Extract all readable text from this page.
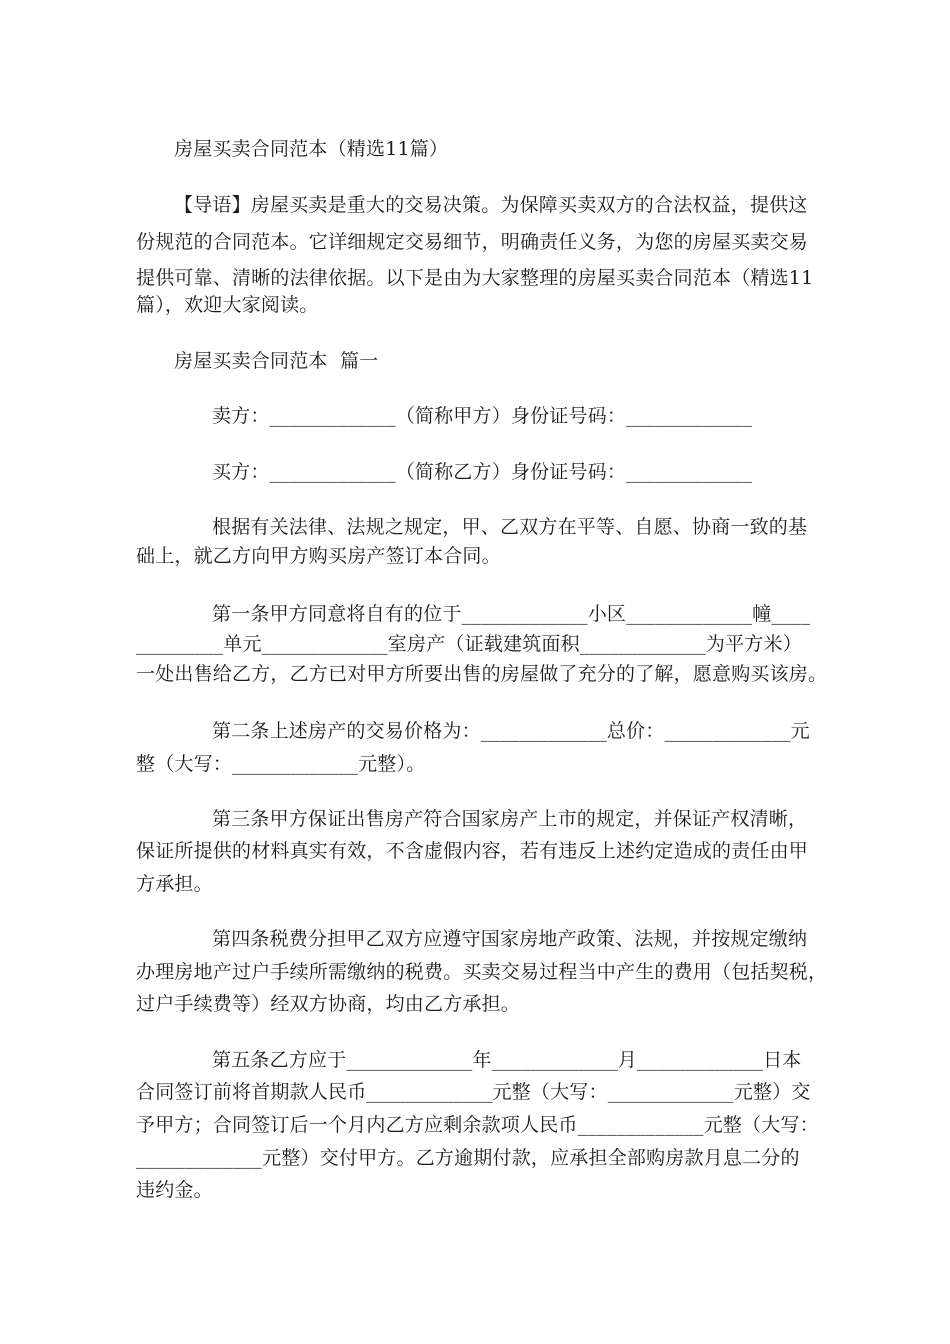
房屋买卖合同范本（精选11篇）
【导语】房屋买卖是重大的交易决策。为保障买卖双方的合法权益，提供这
份规范的合同范本。它详细规定交易细节，明确责任义务，为您的房屋买卖交易
提供可靠、清晰的法律依据。以下是由为大家整理的房屋买卖合同范本（精选11
篇），欢迎大家阅读。
房屋买卖合同范本  篇一
卖方：_____________（简称甲方）身份证号码：_____________
买方：_____________（简称乙方）身份证号码：_____________
根据有关法律、法规之规定，甲、乙双方在平等、自愿、协商一致的基
础上，就乙方向甲方购买房产签订本合同。
第一条甲方同意将自有的位于_____________小区_____________幢____
_________单元_____________室房产（证载建筑面积_____________为平方米）
一处出售给乙方，乙方已对甲方所要出售的房屋做了充分的了解，愿意购买该房。
第二条上述房产的交易价格为：_____________总价：_____________元
整（大写：_____________元整）。
第三条甲方保证出售房产符合国家房产上市的规定，并保证产权清晰，
保证所提供的材料真实有效，不含虚假内容，若有违反上述约定造成的责任由甲
方承担。
第四条税费分担甲乙双方应遵守国家房地产政策、法规，并按规定缴纳
办理房地产过户手续所需缴纳的税费。买卖交易过程当中产生的费用（包括契税，
过户手续费等）经双方协商，均由乙方承担。
第五条乙方应于_____________年_____________月_____________日本
合同签订前将首期款人民币_____________元整（大写：_____________元整）交
予甲方；合同签订后一个月内乙方应剩余款项人民币_____________元整（大写：
_____________元整）交付甲方。乙方逾期付款，应承担全部购房款月息二分的
违约金。
